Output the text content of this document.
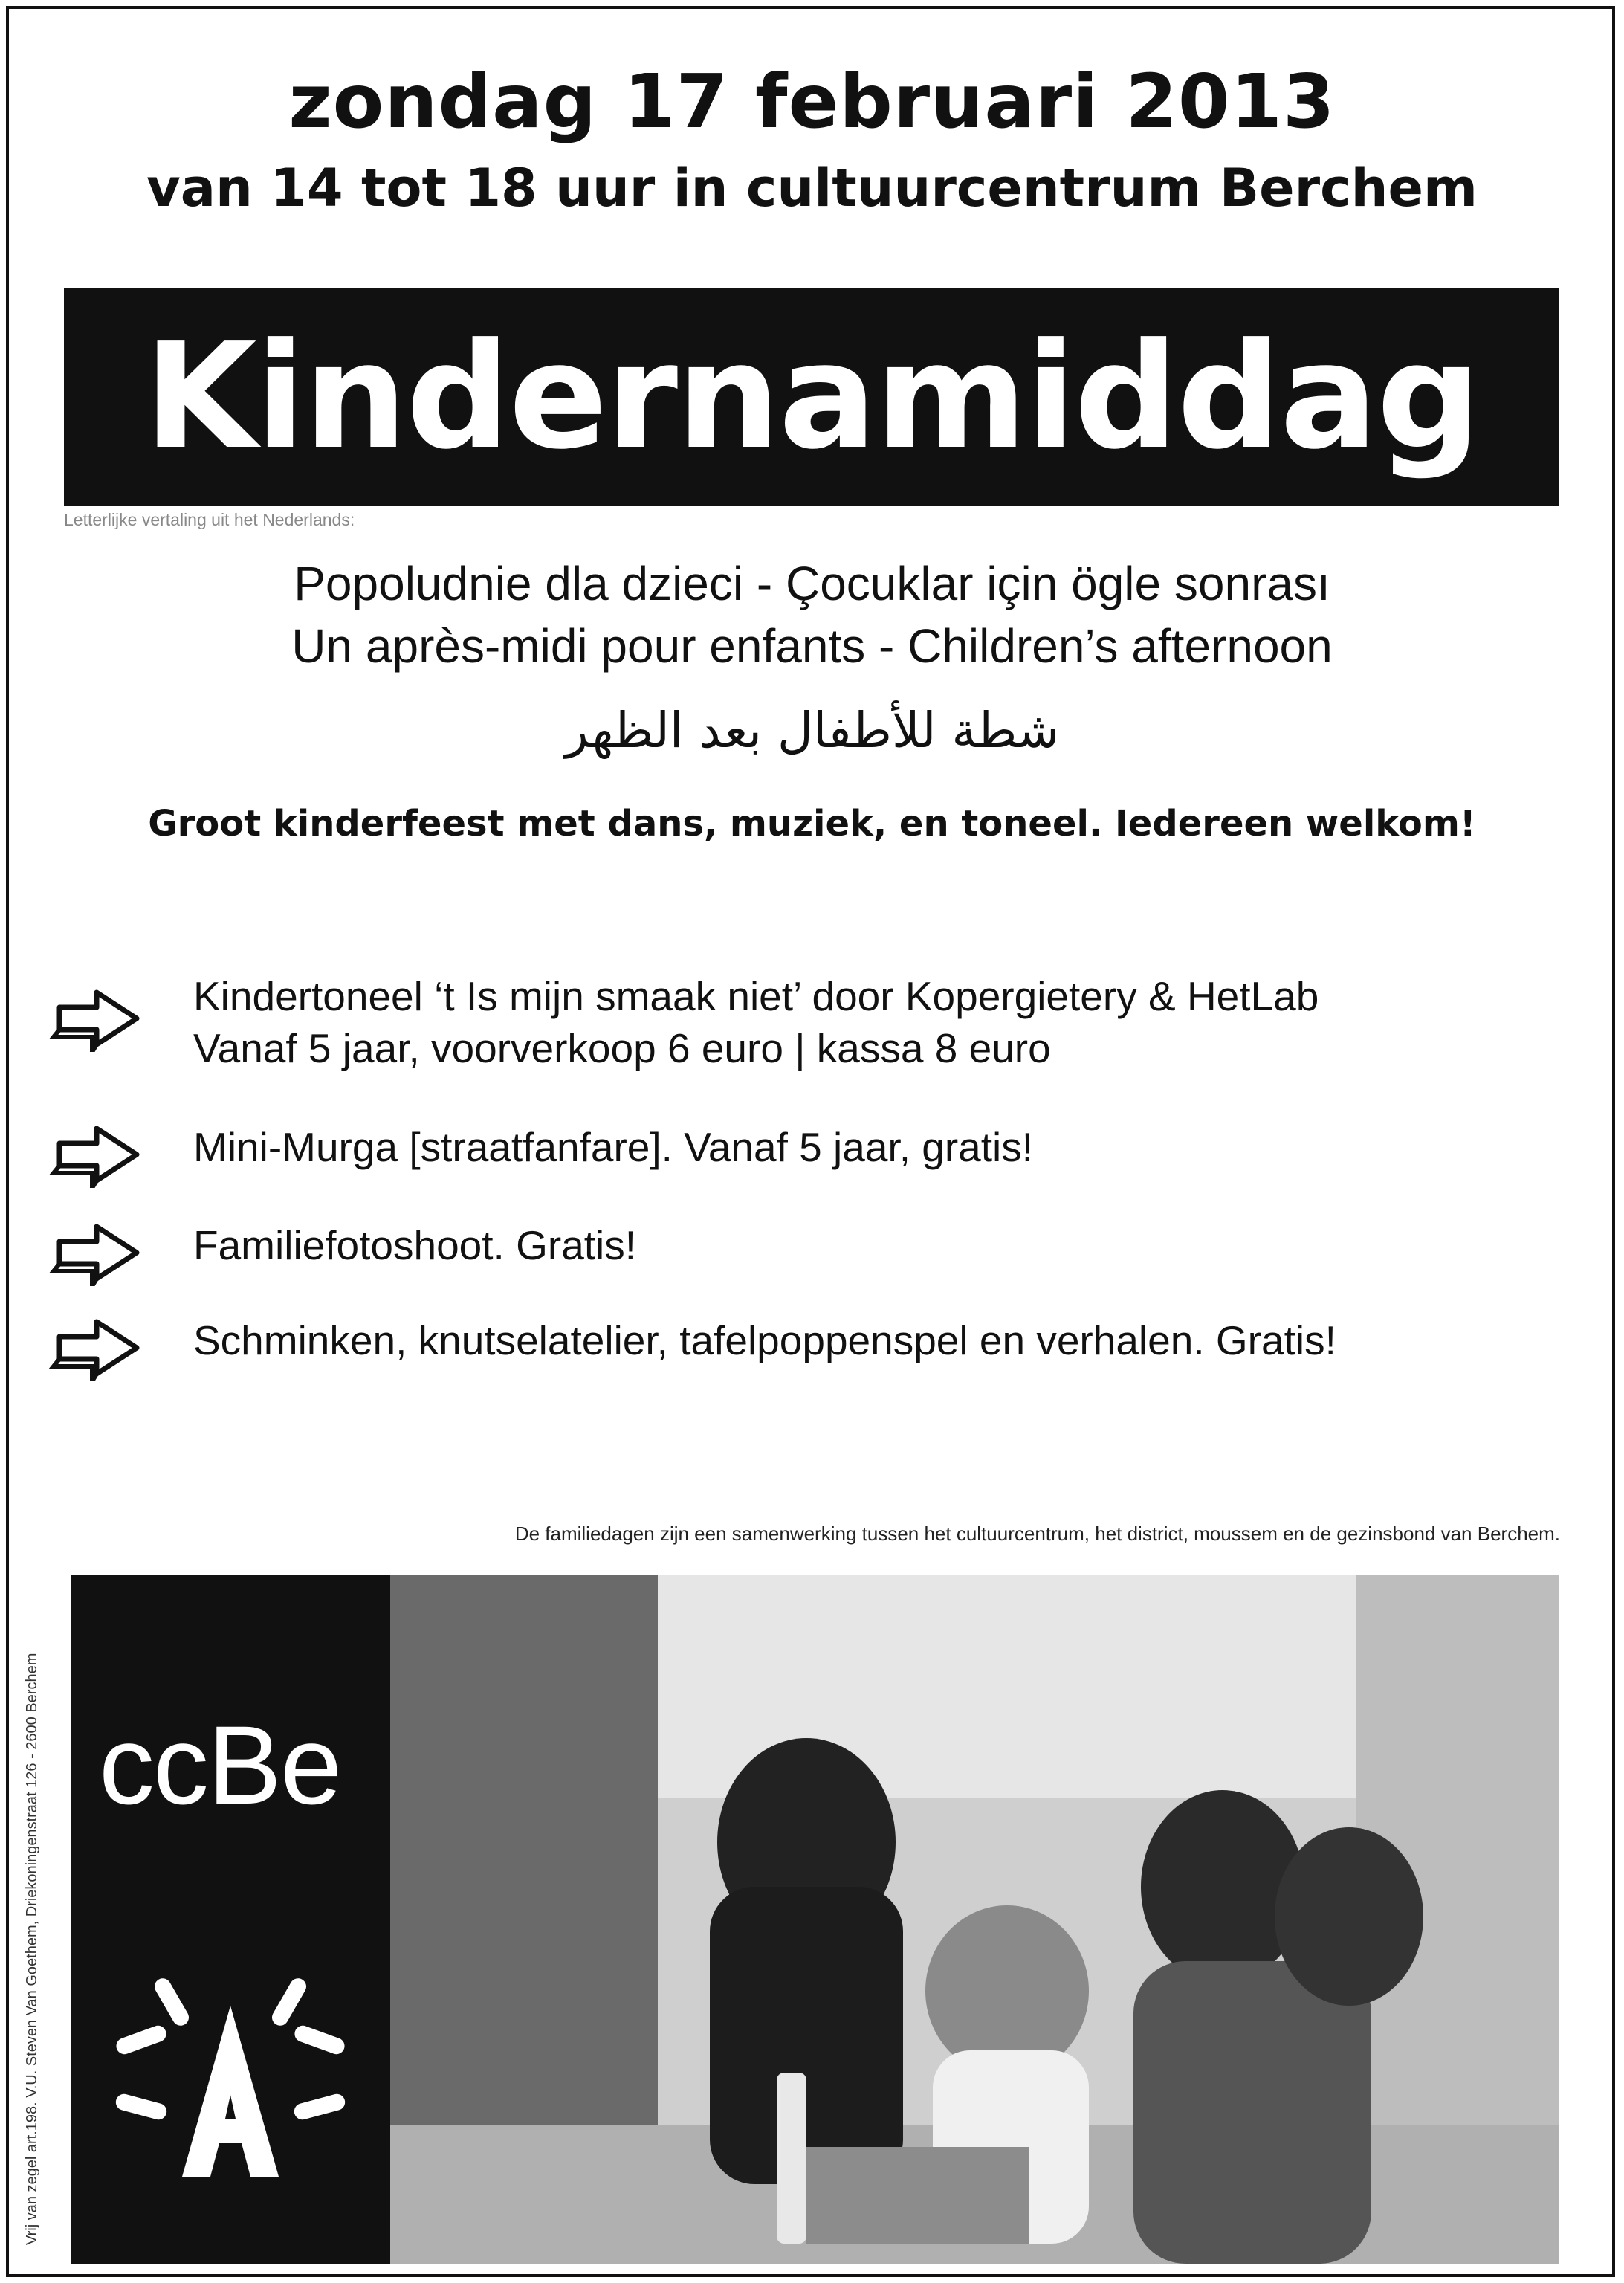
zondag 17 februari 2013
van 14 tot 18 uur in cultuurcentrum Berchem
Kindernamiddag
Letterlijke vertaling uit het Nederlands:
Popoludnie dla dzieci - Çocuklar için ögle sonrası
Un après-midi pour enfants - Children’s afternoon
شطة للأطفال بعد الظهر
Groot kinderfeest met dans, muziek, en toneel. Iedereen welkom!
Kindertoneel ‘t Is mijn smaak niet’ door Kopergietery & HetLab
Vanaf 5 jaar, voorverkoop 6 euro | kassa 8 euro
Mini-Murga [straatfanfare]. Vanaf 5 jaar, gratis!
Familiefotoshoot. Gratis!
Schminken, knutselatelier, tafelpoppenspel en verhalen. Gratis!
De familiedagen zijn een samenwerking tussen het cultuurcentrum, het district, moussem en de gezinsbond van Berchem.
Vrij van zegel art.198. V.U. Steven Van Goethem, Driekoningenstraat 126 - 2600 Berchem ccBe
